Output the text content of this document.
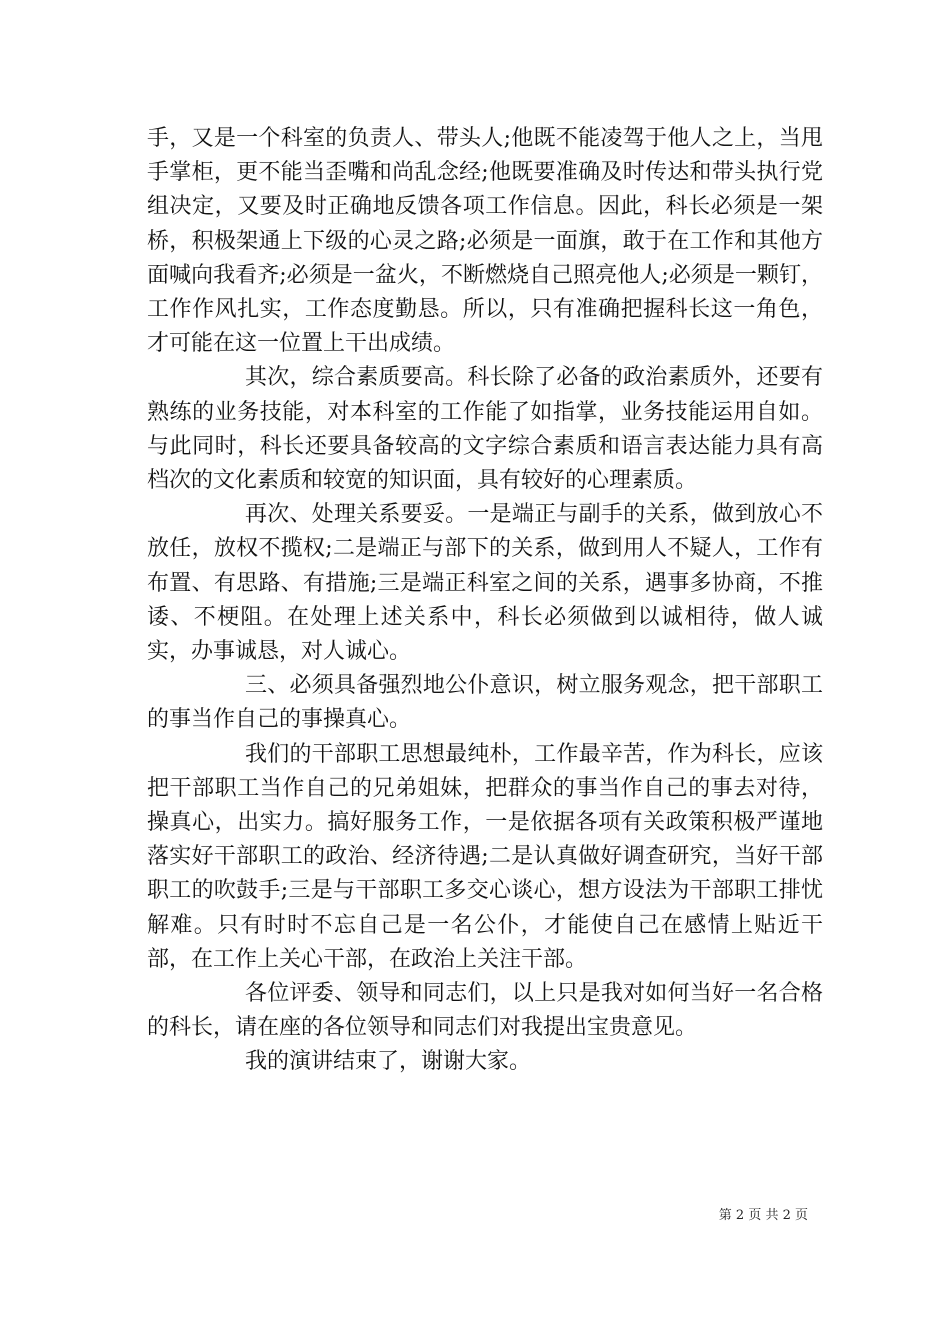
手，又是一个科室的负责人、带头人;他既不能凌驾于他人之上，当甩手掌柜，更不能当歪嘴和尚乱念经;他既要准确及时传达和带头执行党组决定，又要及时正确地反馈各项工作信息。因此，科长必须是一架桥，积极架通上下级的心灵之路;必须是一面旗，敢于在工作和其他方面喊向我看齐;必须是一盆火，不断燃烧自己照亮他人;必须是一颗钉，工作作风扎实，工作态度勤恳。所以，只有准确把握科长这一角色，才可能在这一位置上干出成绩。

其次，综合素质要高。科长除了必备的政治素质外，还要有熟练的业务技能，对本科室的工作能了如指掌，业务技能运用自如。与此同时，科长还要具备较高的文字综合素质和语言表达能力具有高档次的文化素质和较宽的知识面，具有较好的心理素质。

再次、处理关系要妥。一是端正与副手的关系，做到放心不放任，放权不揽权;二是端正与部下的关系，做到用人不疑人，工作有布置、有思路、有措施;三是端正科室之间的关系，遇事多协商，不推诿、不梗阻。在处理上述关系中，科长必须做到以诚相待，做人诚实，办事诚恳，对人诚心。

三、必须具备强烈地公仆意识，树立服务观念，把干部职工的事当作自己的事操真心。

我们的干部职工思想最纯朴，工作最辛苦，作为科长，应该把干部职工当作自己的兄弟姐妹，把群众的事当作自己的事去对待，操真心，出实力。搞好服务工作，一是依据各项有关政策积极严谨地落实好干部职工的政治、经济待遇;二是认真做好调查研究，当好干部职工的吹鼓手;三是与干部职工多交心谈心，想方设法为干部职工排忧解难。只有时时不忘自己是一名公仆，才能使自己在感情上贴近干部，在工作上关心干部，在政治上关注干部。

各位评委、领导和同志们，以上只是我对如何当好一名合格的科长，请在座的各位领导和同志们对我提出宝贵意见。

我的演讲结束了，谢谢大家。

第 2 页 共 2 页
